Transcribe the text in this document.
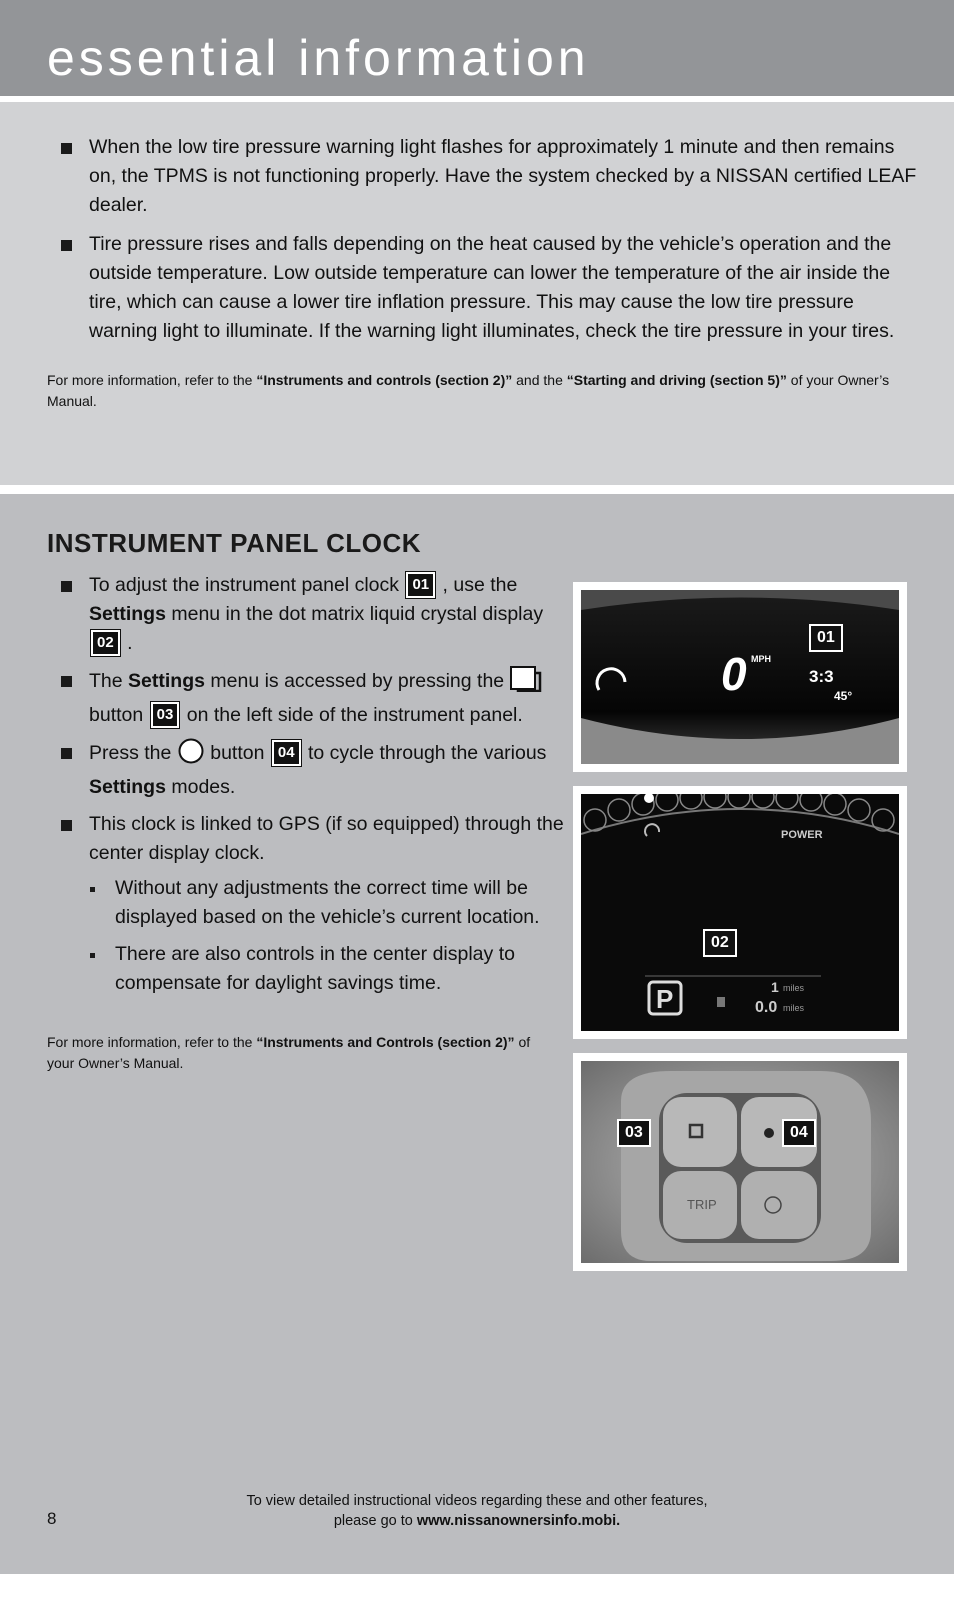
essential information
When the low tire pressure warning light flashes for approximately 1 minute and then remains on, the TPMS is not functioning properly. Have the system checked by a NISSAN certified LEAF dealer.
Tire pressure rises and falls depending on the heat caused by the vehicle’s operation and the outside temperature. Low outside temperature can lower the temperature of the air inside the tire, which can cause a lower tire inflation pressure. This may cause the low tire pressure warning light to illuminate. If the warning light illuminates, check the tire pressure in your tires.
For more information, refer to the “Instruments and controls (section 2)” and the “Starting and driving (section 5)” of your Owner’s Manual.
INSTRUMENT PANEL CLOCK
To adjust the instrument panel clock 01 , use the Settings menu in the dot matrix liquid crystal display 02 .
The Settings menu is accessed by pressing the  button 03 on the left side of the instrument panel.
Press the button 04 to cycle through the various Settings modes.
This clock is linked to GPS (if so equipped) through the center display clock.
Without any adjustments the correct time will be displayed based on the vehicle’s current location.
There are also controls in the center display to compensate for daylight savings time.
For more information, refer to the “Instruments and Controls (section 2)” of your Owner’s Manual.
0 MPH
3:3
45°
01
POWER
P	1 miles
0.0 miles
02
TRIP
03	04
To view detailed instructional videos regarding these and other features,
please go to www.nissanownersinfo.mobi.
8
